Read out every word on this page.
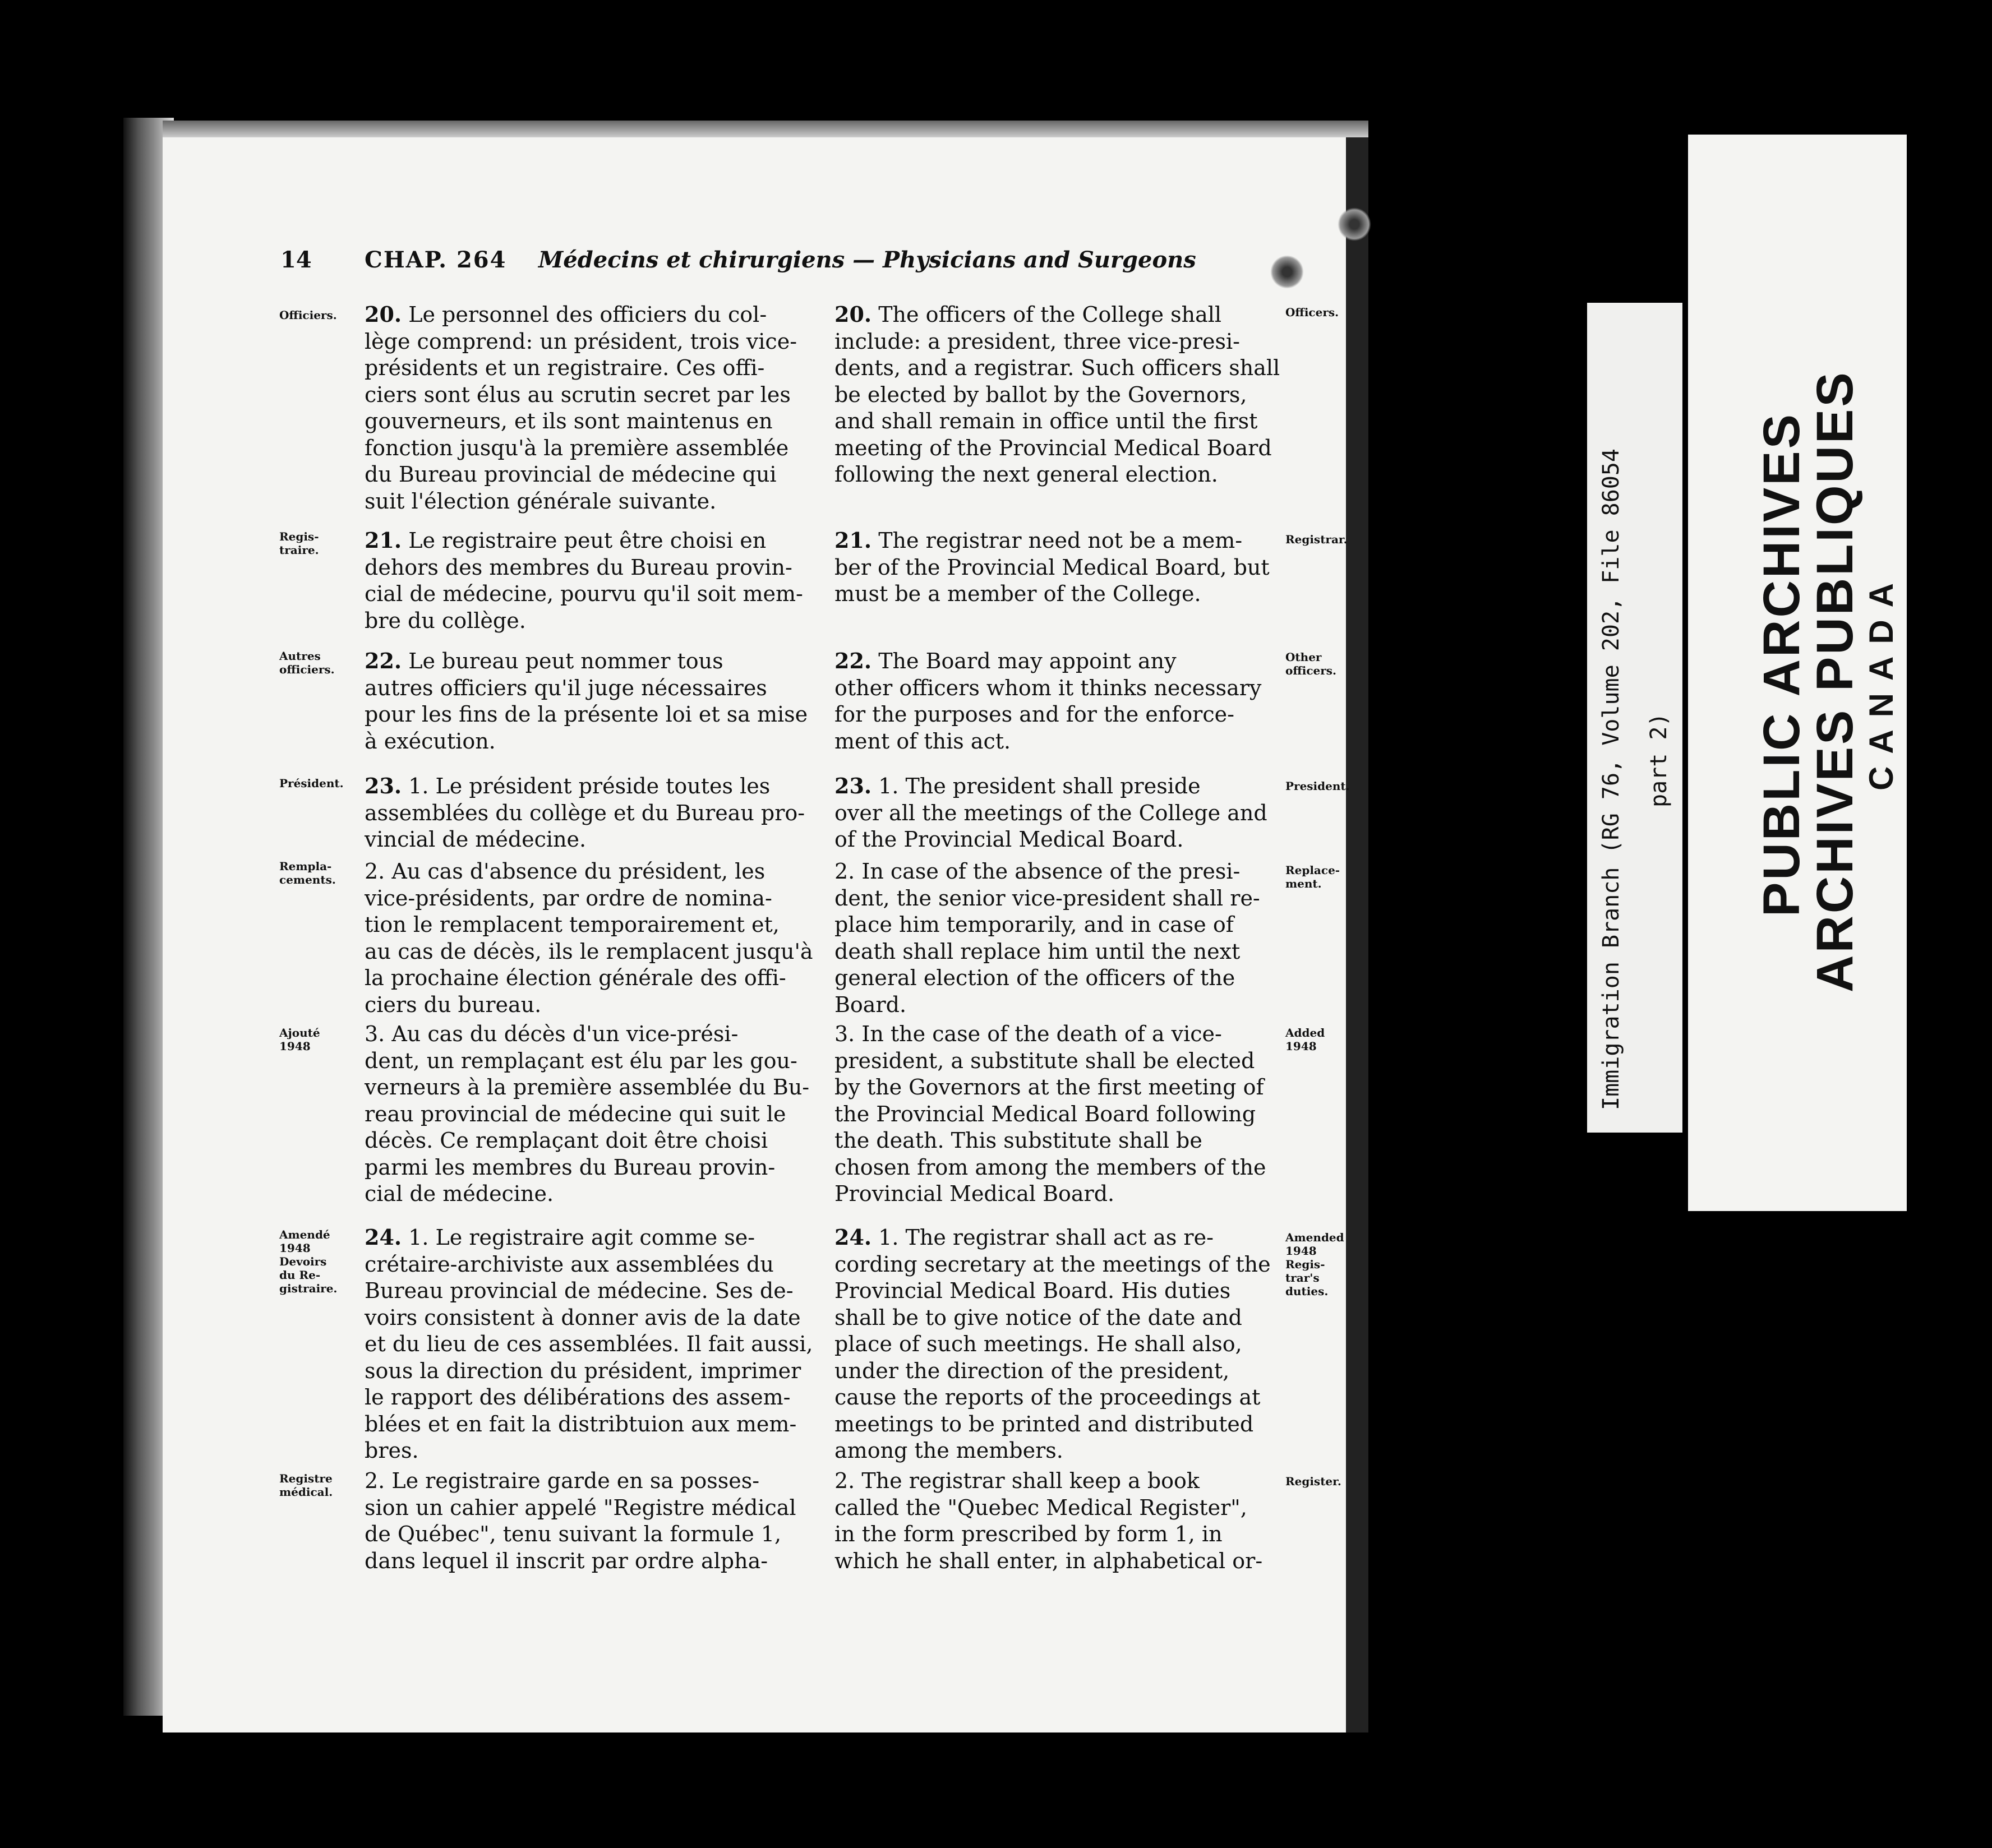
14 CHAP. 264 Médecins et chirurgiens — Physicians and Surgeons
Officiers.
Regis-
traire.
Autres
officiers.
Président.
Rempla-
cements.
Ajouté
1948
Amendé
1948
Devoirs
du Re-
gistraire.
Registre
médical.
Officers.
Registrar.
Other
officers.
President.
Replace-
ment.
Added
1948
Amended
1948
Regis-
trar's
duties.
Register.
20. Le personnel des officiers du col-
lège comprend: un président, trois vice-
présidents et un registraire. Ces offi-
ciers sont élus au scrutin secret par les
gouverneurs, et ils sont maintenus en
fonction jusqu'à la première assemblée
du Bureau provincial de médecine qui
suit l'élection générale suivante.
21. Le registraire peut être choisi en
dehors des membres du Bureau provin-
cial de médecine, pourvu qu'il soit mem-
bre du collège.
22. Le bureau peut nommer tous
autres officiers qu'il juge nécessaires
pour les fins de la présente loi et sa mise
à exécution.
23. 1. Le président préside toutes les
assemblées du collège et du Bureau pro-
vincial de médecine.
2. Au cas d'absence du président, les
vice-présidents, par ordre de nomina-
tion le remplacent temporairement et,
au cas de décès, ils le remplacent jusqu'à
la prochaine élection générale des offi-
ciers du bureau.
3. Au cas du décès d'un vice-prési-
dent, un remplaçant est élu par les gou-
verneurs à la première assemblée du Bu-
reau provincial de médecine qui suit le
décès. Ce remplaçant doit être choisi
parmi les membres du Bureau provin-
cial de médecine.
24. 1. Le registraire agit comme se-
crétaire-archiviste aux assemblées du
Bureau provincial de médecine. Ses de-
voirs consistent à donner avis de la date
et du lieu de ces assemblées. Il fait aussi,
sous la direction du président, imprimer
le rapport des délibérations des assem-
blées et en fait la distribtuion aux mem-
bres.
2. Le registraire garde en sa posses-
sion un cahier appelé "Registre médical
de Québec", tenu suivant la formule 1,
dans lequel il inscrit par ordre alpha-
20. The officers of the College shall
include: a president, three vice-presi-
dents, and a registrar. Such officers shall
be elected by ballot by the Governors,
and shall remain in office until the first
meeting of the Provincial Medical Board
following the next general election.
21. The registrar need not be a mem-
ber of the Provincial Medical Board, but
must be a member of the College.
22. The Board may appoint any
other officers whom it thinks necessary
for the purposes and for the enforce-
ment of this act.
23. 1. The president shall preside
over all the meetings of the College and
of the Provincial Medical Board.
2. In case of the absence of the presi-
dent, the senior vice-president shall re-
place him temporarily, and in case of
death shall replace him until the next
general election of the officers of the
Board.
3. In the case of the death of a vice-
president, a substitute shall be elected
by the Governors at the first meeting of
the Provincial Medical Board following
the death. This substitute shall be
chosen from among the members of the
Provincial Medical Board.
24. 1. The registrar shall act as re-
cording secretary at the meetings of the
Provincial Medical Board. His duties
shall be to give notice of the date and
place of such meetings. He shall also,
under the direction of the president,
cause the reports of the proceedings at
meetings to be printed and distributed
among the members.
2. The registrar shall keep a book
called the "Quebec Medical Register",
in the form prescribed by form 1, in
which he shall enter, in alphabetical or-
Immigration Branch (RG 76, Volume 202, File 86054 part 2) PUBLIC ARCHIVES
ARCHIVES PUBLIQUES
CANADA
